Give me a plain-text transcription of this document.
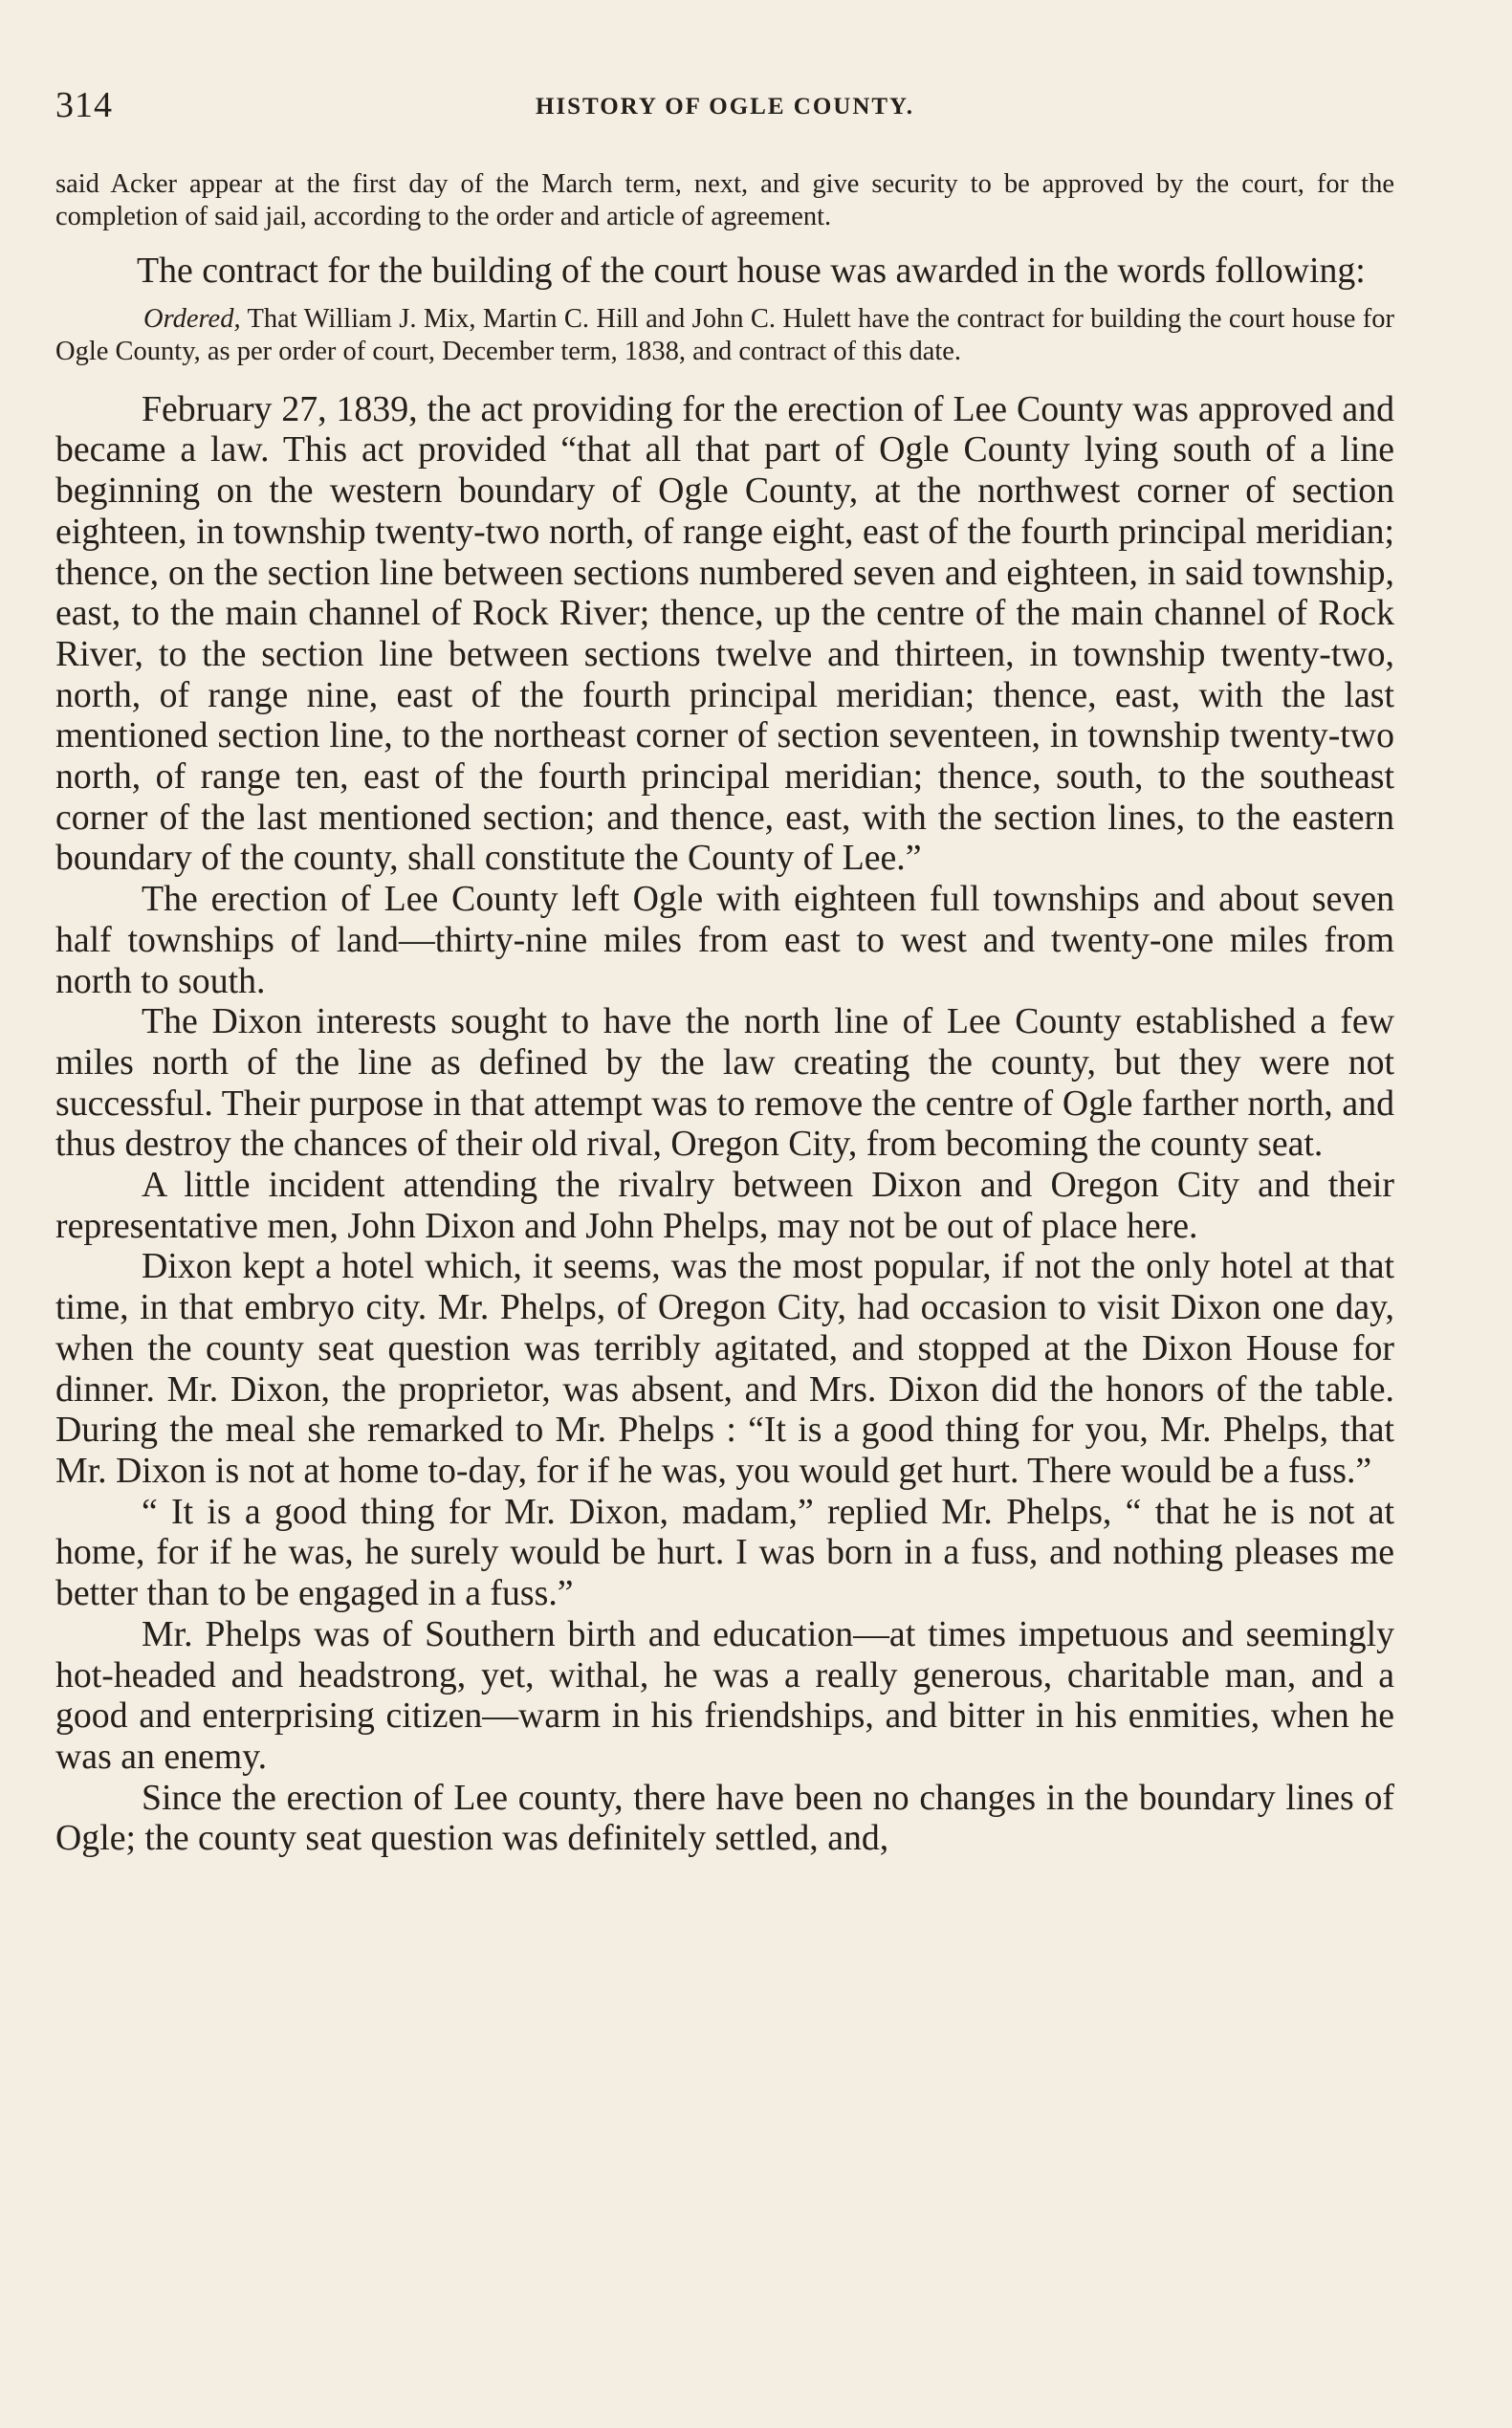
314	HISTORY OF OGLE COUNTY.

said Acker appear at the first day of the March term, next, and give security to be approved by the court, for the completion of said jail, according to the order and article of agreement.

The contract for the building of the court house was awarded in the words following:

Ordered, That William J. Mix, Martin C. Hill and John C. Hulett have the contract for building the court house for Ogle County, as per order of court, December term, 1838, and contract of this date.

February 27, 1839, the act providing for the erection of Lee County was approved and became a law. This act provided “that all that part of Ogle County lying south of a line beginning on the western boundary of Ogle County, at the northwest corner of section eighteen, in township twenty-two north, of range eight, east of the fourth principal meridian; thence, on the section line between sections numbered seven and eighteen, in said township, east, to the main channel of Rock River; thence, up the centre of the main channel of Rock River, to the section line between sections twelve and thirteen, in township twenty-two, north, of range nine, east of the fourth principal meridian; thence, east, with the last mentioned section line, to the northeast corner of section seventeen, in township twenty-two north, of range ten, east of the fourth principal meridian; thence, south, to the southeast corner of the last mentioned section; and thence, east, with the section lines, to the eastern boundary of the county, shall constitute the County of Lee.”

The erection of Lee County left Ogle with eighteen full townships and about seven half townships of land—thirty-nine miles from east to west and twenty-one miles from north to south.

The Dixon interests sought to have the north line of Lee County established a few miles north of the line as defined by the law creating the county, but they were not successful. Their purpose in that attempt was to remove the centre of Ogle farther north, and thus destroy the chances of their old rival, Oregon City, from becoming the county seat.

A little incident attending the rivalry between Dixon and Oregon City and their representative men, John Dixon and John Phelps, may not be out of place here.

Dixon kept a hotel which, it seems, was the most popular, if not the only hotel at that time, in that embryo city. Mr. Phelps, of Oregon City, had occasion to visit Dixon one day, when the county seat question was terribly agitated, and stopped at the Dixon House for dinner. Mr. Dixon, the proprietor, was absent, and Mrs. Dixon did the honors of the table. During the meal she remarked to Mr. Phelps : “It is a good thing for you, Mr. Phelps, that Mr. Dixon is not at home to-day, for if he was, you would get hurt. There would be a fuss.”

“ It is a good thing for Mr. Dixon, madam,” replied Mr. Phelps, “ that he is not at home, for if he was, he surely would be hurt. I was born in a fuss, and nothing pleases me better than to be engaged in a fuss.”

Mr. Phelps was of Southern birth and education—at times impetuous and seemingly hot-headed and headstrong, yet, withal, he was a really generous, charitable man, and a good and enterprising citizen—warm in his friendships, and bitter in his enmities, when he was an enemy.

Since the erection of Lee county, there have been no changes in the boundary lines of Ogle; the county seat question was definitely settled, and,
